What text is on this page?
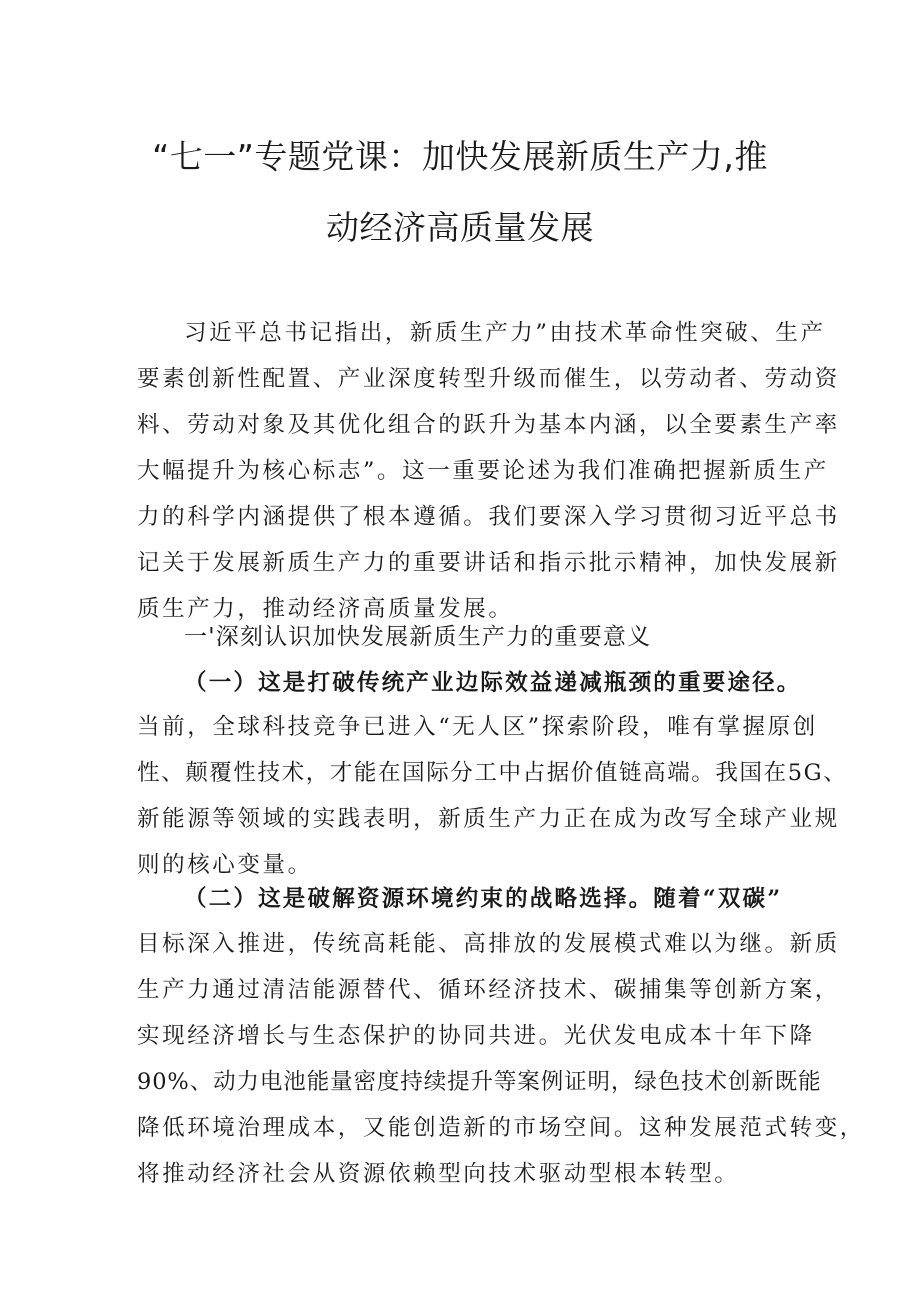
“七一”专题党课：加快发展新质生产力,推
动经济高质量发展

习近平总书记指出，新质生产力”由技术革命性突破、生产

要素创新性配置、产业深度转型升级而催生，以劳动者、劳动资

料、劳动对象及其优化组合的跃升为基本内涵，以全要素生产率

大幅提升为核心标志”。这一重要论述为我们准确把握新质生产

力的科学内涵提供了根本遵循。我们要深入学习贯彻习近平总书

记关于发展新质生产力的重要讲话和指示批示精神，加快发展新

质生产力，推动经济高质量发展。

一'深刻认识加快发展新质生产力的重要意义

（一）这是打破传统产业边际效益递减瓶颈的重要途径。

当前，全球科技竞争已进入“无人区”探索阶段，唯有掌握原创

性、颠覆性技术，才能在国际分工中占据价值链高端。我国在5G、

新能源等领域的实践表明，新质生产力正在成为改写全球产业规

则的核心变量。

（二）这是破解资源环境约束的战略选择。随着“双碳”

目标深入推进，传统高耗能、高排放的发展模式难以为继。新质

生产力通过清洁能源替代、循环经济技术、碳捕集等创新方案，

实现经济增长与生态保护的协同共进。光伏发电成本十年下降

90%、动力电池能量密度持续提升等案例证明，绿色技术创新既能

降低环境治理成本，又能创造新的市场空间。这种发展范式转变，

将推动经济社会从资源依赖型向技术驱动型根本转型。
